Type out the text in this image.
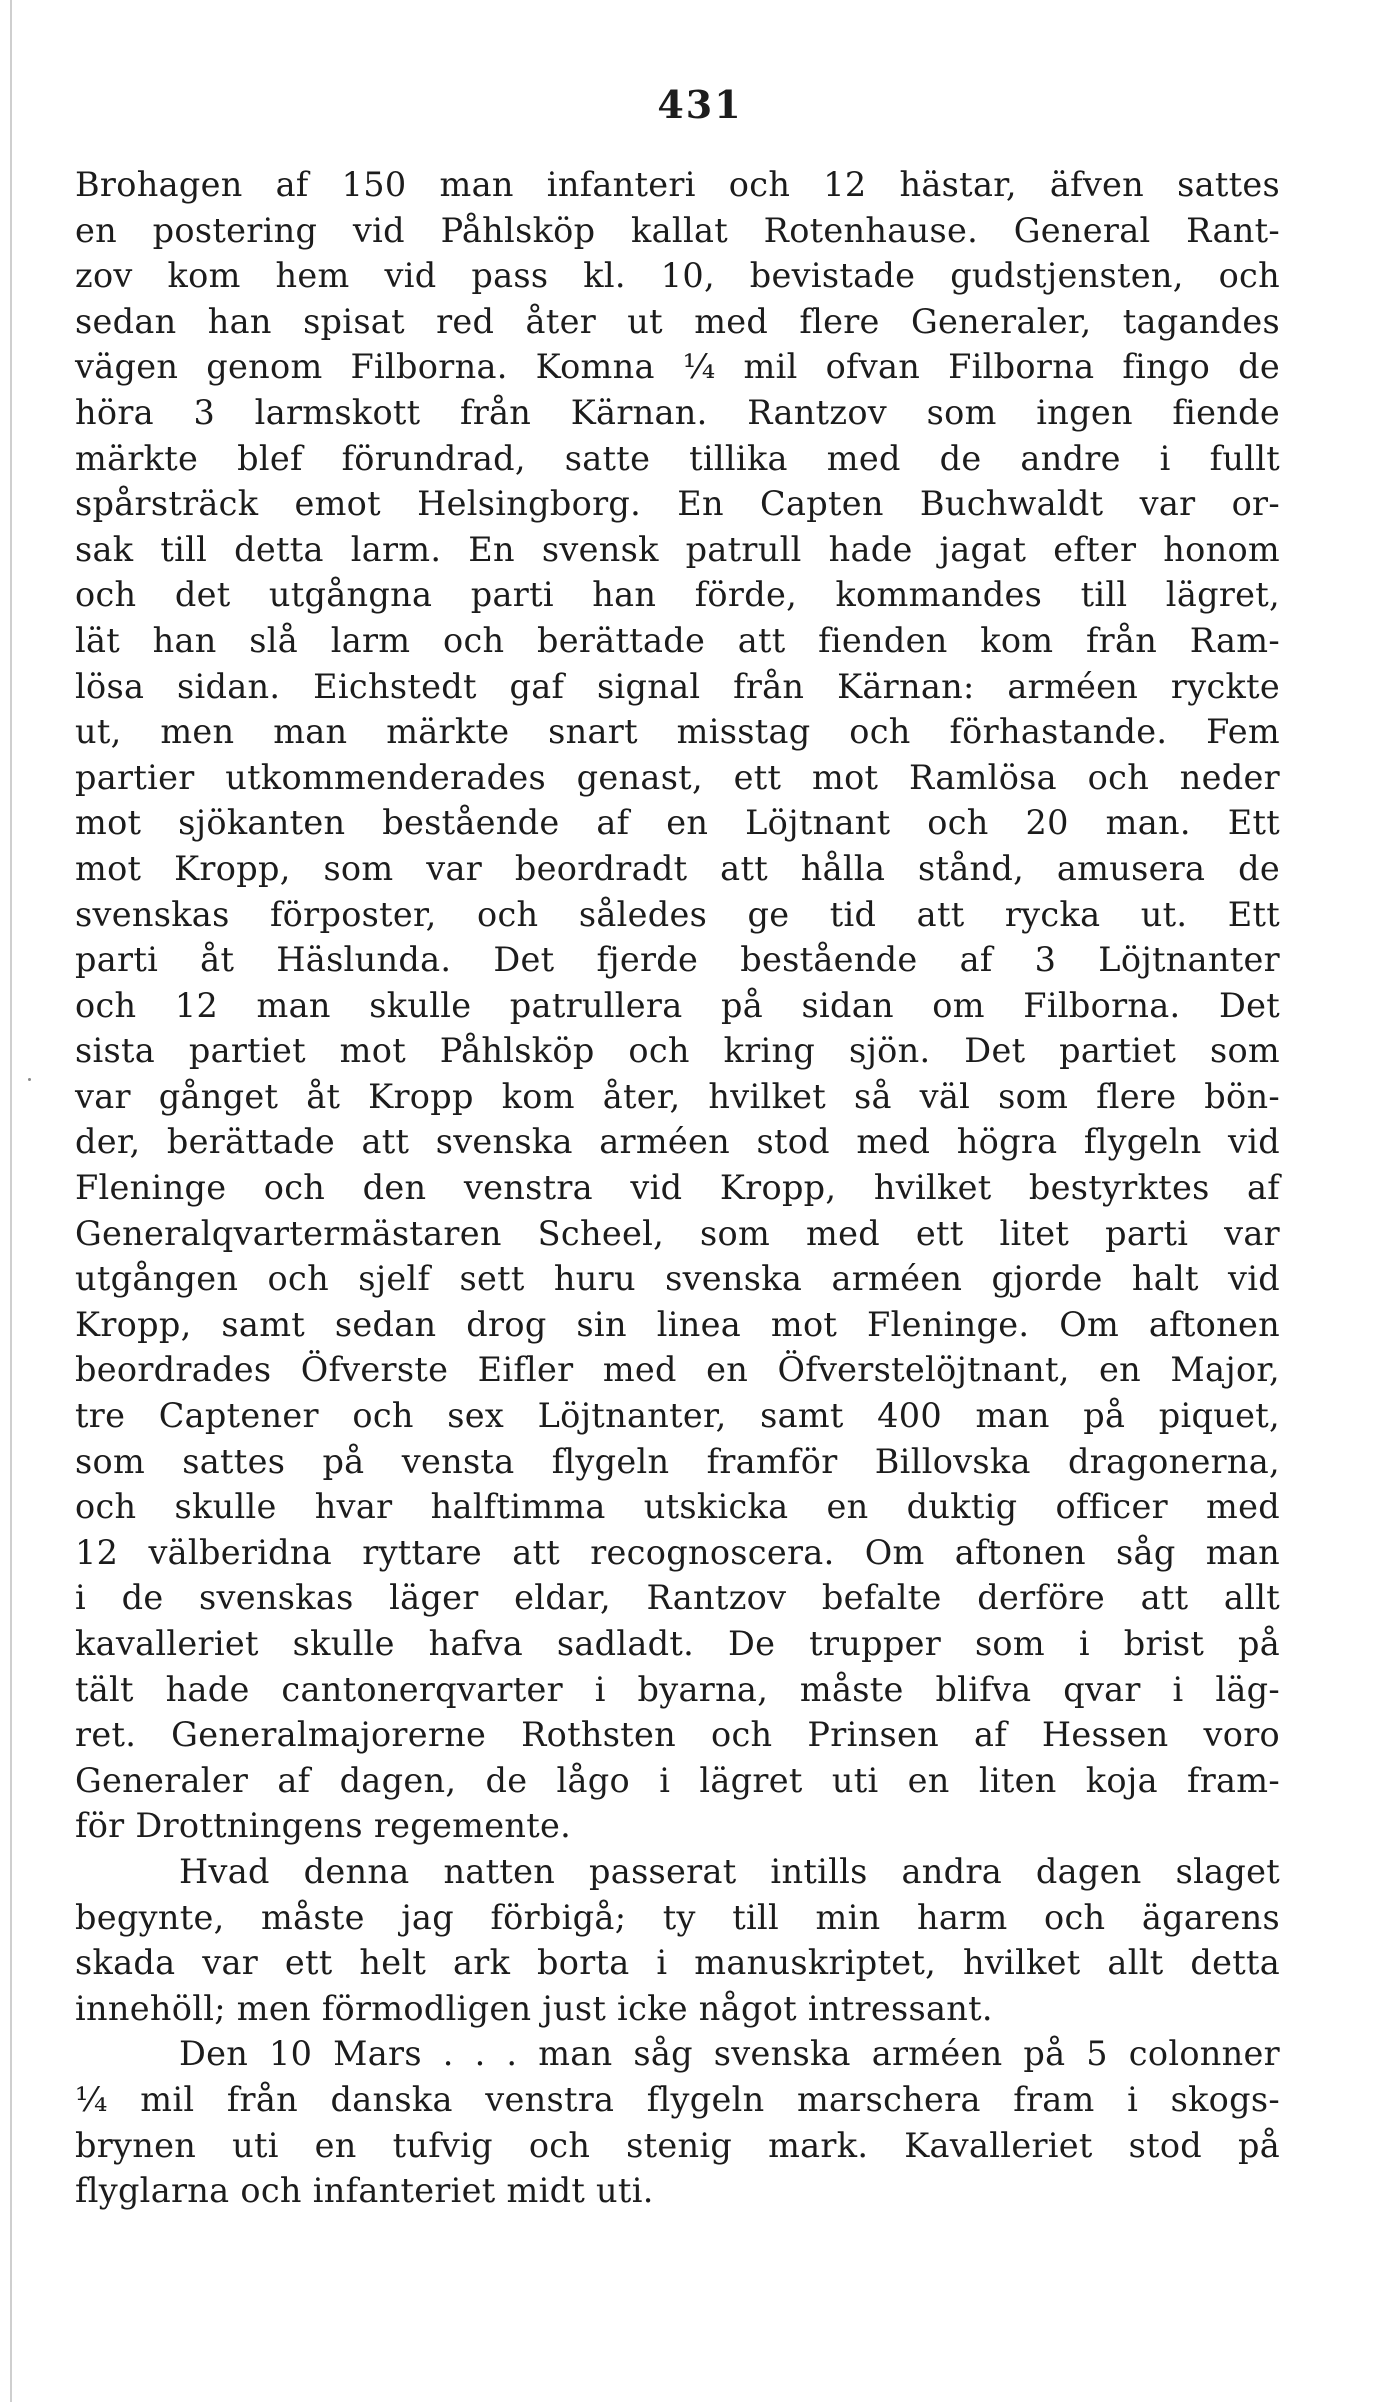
431
Brohagen af 150 man infanteri och 12 hästar, äfven sattes
en postering vid Påhlsköp kallat Rotenhause. General Rant-
zov kom hem vid pass kl. 10, bevistade gudstjensten, och
sedan han spisat red åter ut med flere Generaler, tagandes
vägen genom Filborna. Komna ¼ mil ofvan Filborna fingo de
höra 3 larmskott från Kärnan. Rantzov som ingen fiende
märkte blef förundrad, satte tillika med de andre i fullt
spårsträck emot Helsingborg. En Capten Buchwaldt var or-
sak till detta larm. En svensk patrull hade jagat efter honom
och det utgångna parti han förde, kommandes till lägret,
lät han slå larm och berättade att fienden kom från Ram-
lösa sidan. Eichstedt gaf signal från Kärnan: arméen ryckte
ut, men man märkte snart misstag och förhastande. Fem
partier utkommenderades genast, ett mot Ramlösa och neder
mot sjökanten bestående af en Löjtnant och 20 man. Ett
mot Kropp, som var beordradt att hålla stånd, amusera de
svenskas förposter, och således ge tid att rycka ut. Ett
parti åt Häslunda. Det fjerde bestående af 3 Löjtnanter
och 12 man skulle patrullera på sidan om Filborna. Det
sista partiet mot Påhlsköp och kring sjön. Det partiet som
var gånget åt Kropp kom åter, hvilket så väl som flere bön-
der, berättade att svenska arméen stod med högra flygeln vid
Fleninge och den venstra vid Kropp, hvilket bestyrktes af
Generalqvartermästaren Scheel, som med ett litet parti var
utgången och sjelf sett huru svenska arméen gjorde halt vid
Kropp, samt sedan drog sin linea mot Fleninge. Om aftonen
beordrades Öfverste Eifler med en Öfverstelöjtnant, en Major,
tre Captener och sex Löjtnanter, samt 400 man på piquet,
som sattes på vensta flygeln framför Billovska dragonerna,
och skulle hvar halftimma utskicka en duktig officer med
12 välberidna ryttare att recognoscera. Om aftonen såg man
i de svenskas läger eldar, Rantzov befalte derföre att allt
kavalleriet skulle hafva sadladt. De trupper som i brist på
tält hade cantonerqvarter i byarna, måste blifva qvar i läg-
ret. Generalmajorerne Rothsten och Prinsen af Hessen voro
Generaler af dagen, de lågo i lägret uti en liten koja fram-
för Drottningens regemente.
Hvad denna natten passerat intills andra dagen slaget
begynte, måste jag förbigå; ty till min harm och ägarens
skada var ett helt ark borta i manuskriptet, hvilket allt detta
innehöll; men förmodligen just icke något intressant.
Den 10 Mars . . . man såg svenska arméen på 5 colonner
¼ mil från danska venstra flygeln marschera fram i skogs-
brynen uti en tufvig och stenig mark. Kavalleriet stod på
flyglarna och infanteriet midt uti.
